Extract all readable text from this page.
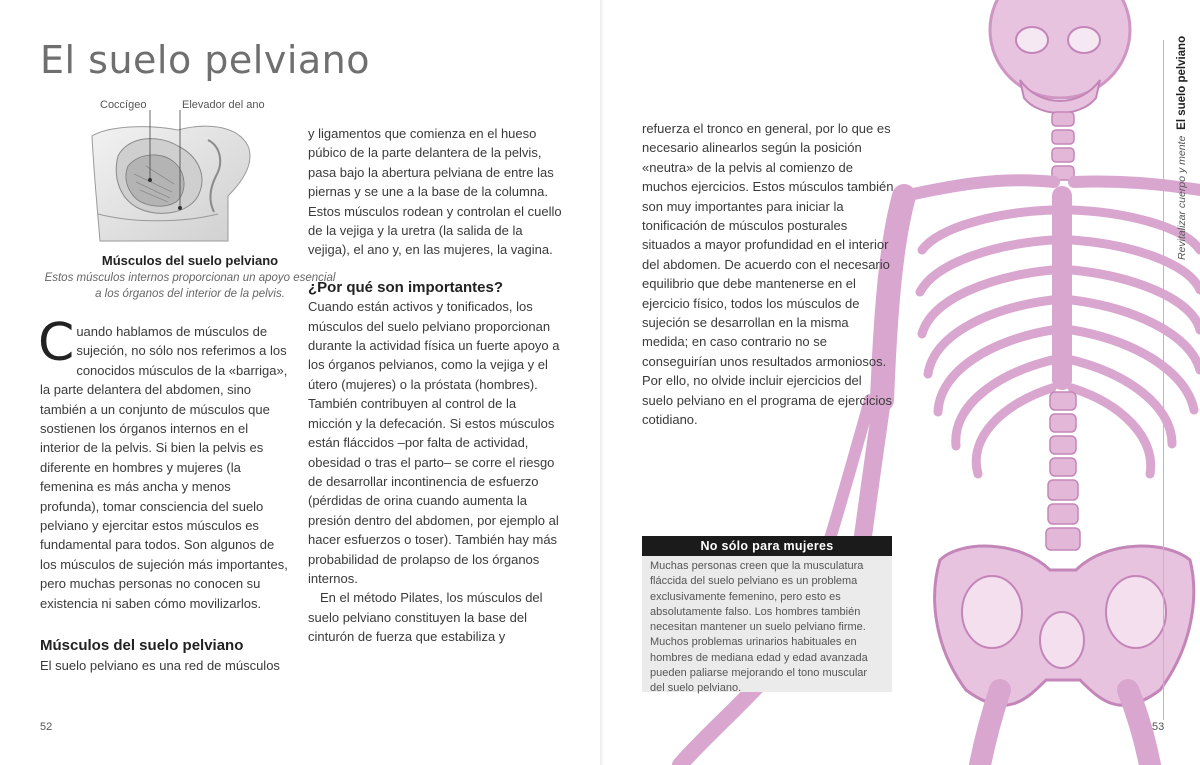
El suelo pelviano
Coccígeo	Elevador del ano

Músculos del suelo pelviano

Estos músculos internos proporcionan un apoyo esencial a los órganos del interior de la pelvis.

Cuando hablamos de músculos de sujeción, no sólo nos referimos a los conocidos músculos de la «barriga», la parte delantera del abdomen, sino también a un conjunto de músculos que sostienen los órganos internos en el interior de la pelvis. Si bien la pelvis es diferente en hombres y mujeres (la femenina es más ancha y menos profunda), tomar consciencia del suelo pelviano y ejercitar estos músculos es fundamental para todos. Son algunos de los músculos de sujeción más importantes, pero muchas personas no conocen su existencia ni saben cómo movilizarlos.

Músculos del suelo pelviano

El suelo pelviano es una red de músculos

y ligamentos que comienza en el hueso púbico de la parte delantera de la pelvis, pasa bajo la abertura pelviana de entre las piernas y se une a la base de la columna. Estos músculos rodean y controlan el cuello de la vejiga y la uretra (la salida de la vejiga), el ano y, en las mujeres, la vagina.

¿Por qué son importantes?

Cuando están activos y tonificados, los músculos del suelo pelviano proporcionan durante la actividad física un fuerte apoyo a los órganos pelvianos, como la vejiga y el útero (mujeres) o la próstata (hombres). También contribuyen al control de la micción y la defecación. Si estos músculos están fláccidos –por falta de actividad, obesidad o tras el parto– se corre el riesgo de desarrollar incontinencia de esfuerzo (pérdidas de orina cuando aumenta la presión dentro del abdomen, por ejemplo al hacer esfuerzos o toser). También hay más probabilidad de prolapso de los órganos internos.

En el método Pilates, los músculos del suelo pelviano constituyen la base del cinturón de fuerza que estabiliza y

52

refuerza el tronco en general, por lo que es necesario alinearlos según la posición «neutra» de la pelvis al comienzo de muchos ejercicios. Estos músculos también son muy importantes para iniciar la tonificación de músculos posturales situados a mayor profundidad en el interior del abdomen. De acuerdo con el necesario equilibrio que debe mantenerse en el ejercicio físico, todos los músculos de sujeción se desarrollan en la misma medida; en caso contrario no se conseguirían unos resultados armoniosos. Por ello, no olvide incluir ejercicios del suelo pelviano en el programa de ejercicios cotidiano.

No sólo para mujeres

Muchas personas creen que la musculatura fláccida del suelo pelviano es un problema exclusivamente femenino, pero esto es absolutamente falso. Los hombres también necesitan mantener un suelo pelviano firme. Muchos problemas urinarios habituales en hombres de mediana edad y edad avanzada pueden paliarse mejorando el tono muscular del suelo pelviano.

Revitalizar cuerpo y mente  El suelo pelviano
53
